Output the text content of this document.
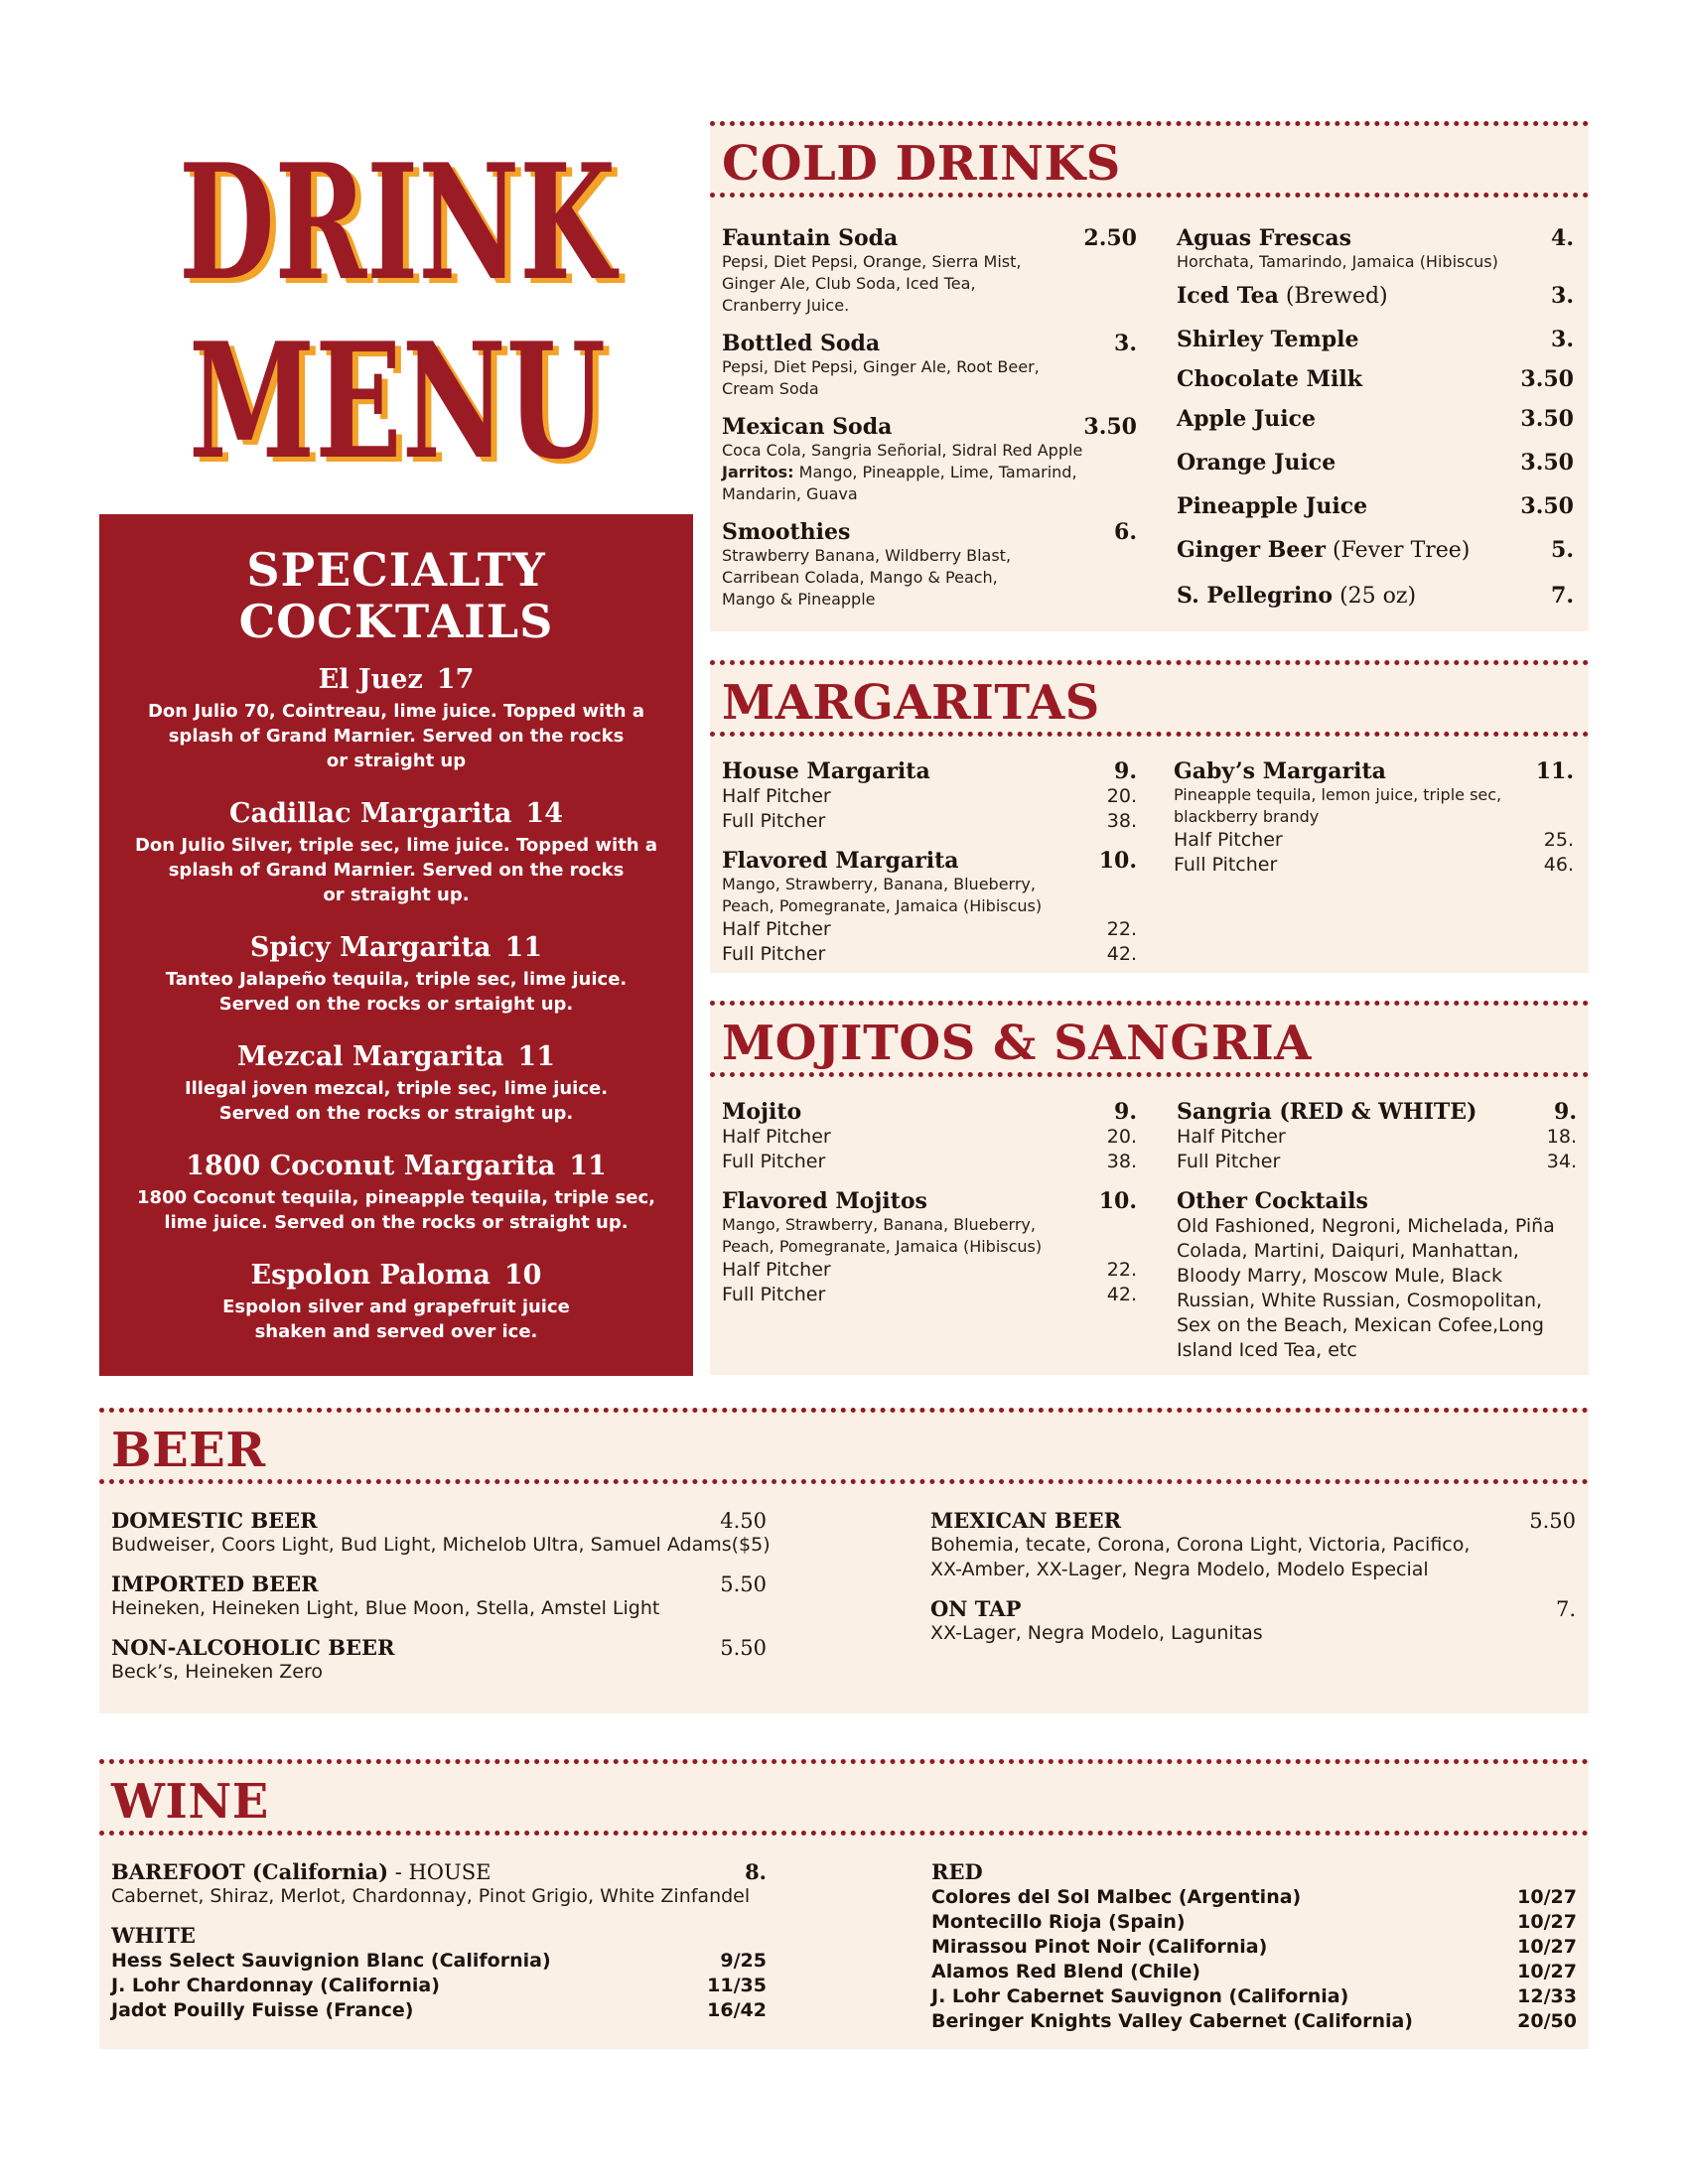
DRINK
DRINK
MENU
MENU
SPECIALTY
COCKTAILS
El Juez 17
Don Julio 70, Cointreau, lime juice. Topped with a
splash of Grand Marnier. Served on the rocks
or straight up
Cadillac Margarita 14
Don Julio Silver, triple sec, lime juice. Topped with a
splash of Grand Marnier. Served on the rocks
or straight up.
Spicy Margarita 11
Tanteo Jalapeño tequila, triple sec, lime juice.
Served on the rocks or srtaight up.
Mezcal Margarita 11
Illegal joven mezcal, triple sec, lime juice.
Served on the rocks or straight up.
1800 Coconut Margarita 11
1800 Coconut tequila, pineapple tequila, triple sec,
lime juice. Served on the rocks or straight up.
Espolon Paloma 10
Espolon silver and grapefruit juice
shaken and served over ice.
COLD DRINKS
Fauntain Soda	2.50
Pepsi, Diet Pepsi, Orange, Sierra Mist,
Ginger Ale, Club Soda, Iced Tea,
Cranberry Juice.
Bottled Soda	3.
Pepsi, Diet Pepsi, Ginger Ale, Root Beer,
Cream Soda
Mexican Soda	3.50
Coca Cola, Sangria Señorial, Sidral Red Apple
Jarritos: Mango, Pineapple, Lime, Tamarind,
Mandarin, Guava
Smoothies	6.
Strawberry Banana, Wildberry Blast,
Carribean Colada, Mango & Peach,
Mango & Pineapple
Aguas Frescas	4.
Horchata, Tamarindo, Jamaica (Hibiscus)
Iced Tea (Brewed)	3.
Shirley Temple	3.
Chocolate Milk	3.50
Apple Juice	3.50
Orange Juice	3.50
Pineapple Juice	3.50
Ginger Beer (Fever Tree)	5.
S. Pellegrino (25 oz)	7.
MARGARITAS
House Margarita	9.
Half Pitcher	20.
Full Pitcher	38.
Flavored Margarita	10.
Mango, Strawberry, Banana, Blueberry,
Peach, Pomegranate, Jamaica (Hibiscus)
Half Pitcher	22.
Full Pitcher	42.
Gaby’s Margarita	11.
Pineapple tequila, lemon juice, triple sec,
blackberry brandy
Half Pitcher	25.
Full Pitcher	46.
MOJITOS & SANGRIA
Mojito	9.
Half Pitcher	20.
Full Pitcher	38.
Flavored Mojitos	10.
Mango, Strawberry, Banana, Blueberry,
Peach, Pomegranate, Jamaica (Hibiscus)
Half Pitcher	22.
Full Pitcher	42.
Sangria (RED & WHITE)	9.
Half Pitcher	18.
Full Pitcher	34.
Other Cocktails
Old Fashioned, Negroni, Michelada, Piña
Colada, Martini, Daiquri, Manhattan,
Bloody Marry, Moscow Mule, Black
Russian, White Russian, Cosmopolitan,
Sex on the Beach, Mexican Cofee,Long
Island Iced Tea, etc
BEER
DOMESTIC BEER	4.50
Budweiser, Coors Light, Bud Light, Michelob Ultra, Samuel Adams($5)
IMPORTED BEER	5.50
Heineken, Heineken Light, Blue Moon, Stella, Amstel Light
NON-ALCOHOLIC BEER	5.50
Beck’s, Heineken Zero
MEXICAN BEER	5.50
Bohemia, tecate, Corona, Corona Light, Victoria, Pacifico,
XX-Amber, XX-Lager, Negra Modelo, Modelo Especial
ON TAP	7.
XX-Lager, Negra Modelo, Lagunitas
WINE
BAREFOOT (California) - HOUSE	8.
Cabernet, Shiraz, Merlot, Chardonnay, Pinot Grigio, White Zinfandel
WHITE
Hess Select Sauvignion Blanc (California)	9/25
J. Lohr Chardonnay (California)	11/35
Jadot Pouilly Fuisse (France)	16/42
RED
Colores del Sol Malbec (Argentina)	10/27
Montecillo Rioja (Spain)	10/27
Mirassou Pinot Noir (California)	10/27
Alamos Red Blend (Chile)	10/27
J. Lohr Cabernet Sauvignon (California)	12/33
Beringer Knights Valley Cabernet (California)	20/50
